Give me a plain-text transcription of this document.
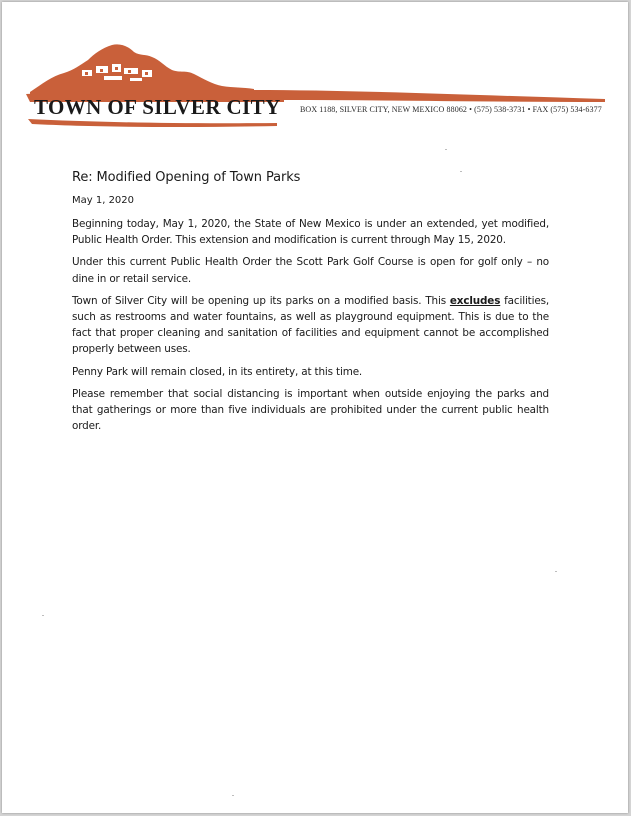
TOWN OF SILVER CITY BOX 1188, SILVER CITY, NEW MEXICO 88062 • (575) 538-3731 • FAX (575) 534-6377
Re: Modified Opening of Town Parks
May 1, 2020

Beginning today, May 1, 2020, the State of New Mexico is under an extended, yet modified, Public Health Order. This extension and modification is current through May 15, 2020.

Under this current Public Health Order the Scott Park Golf Course is open for golf only – no dine in or retail service.

Town of Silver City will be opening up its parks on a modified basis. This excludes facilities, such as restrooms and water fountains, as well as playground equipment. This is due to the fact that proper cleaning and sanitation of facilities and equipment cannot be accomplished properly between uses.

Penny Park will remain closed, in its entirety, at this time.

Please remember that social distancing is important when outside enjoying the parks and that gatherings or more than five individuals are prohibited under the current public health order.
